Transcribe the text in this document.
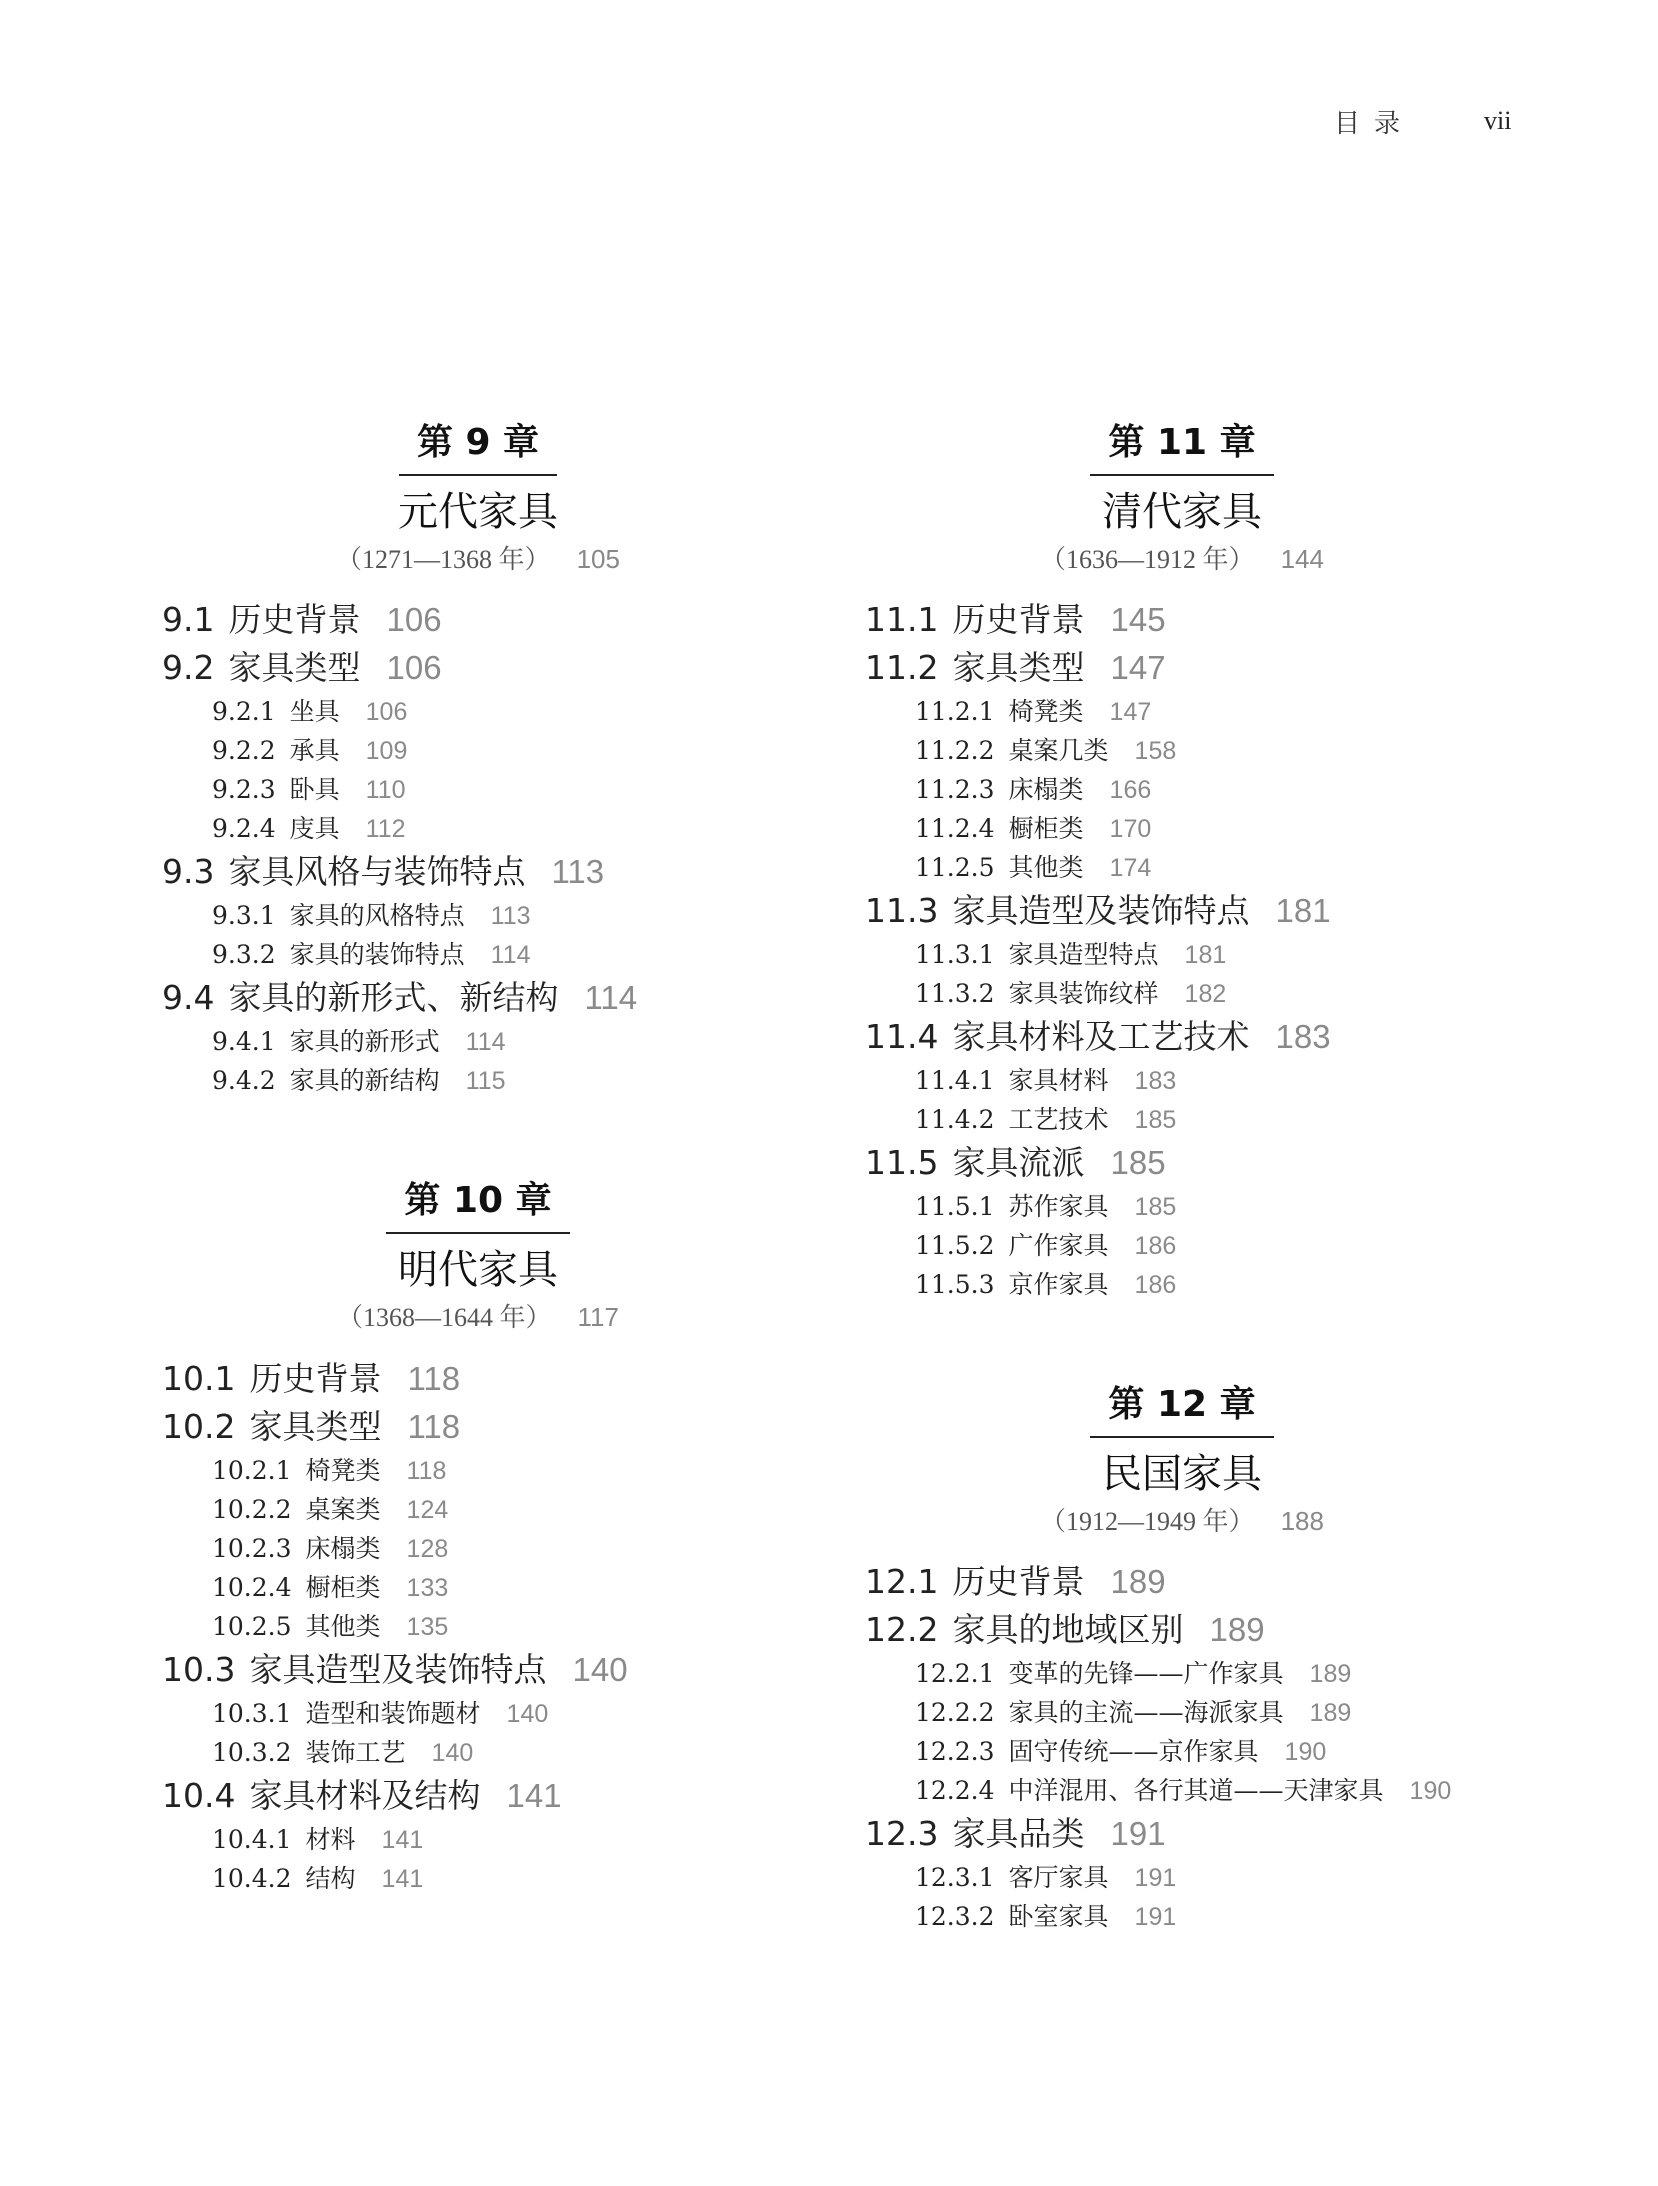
目录	vii
第 9 章
元代家具
（1271—1368 年） 105
9.1 历史背景 106
9.2 家具类型 106
9.2.1 坐具 106
9.2.2 承具 109
9.2.3 卧具 110
9.2.4 庋具 112
9.3 家具风格与装饰特点 113
9.3.1 家具的风格特点 113
9.3.2 家具的装饰特点 114
9.4 家具的新形式、新结构 114
9.4.1 家具的新形式 114
9.4.2 家具的新结构 115
第 10 章
明代家具
（1368—1644 年） 117
10.1 历史背景 118
10.2 家具类型 118
10.2.1 椅凳类 118
10.2.2 桌案类 124
10.2.3 床榻类 128
10.2.4 橱柜类 133
10.2.5 其他类 135
10.3 家具造型及装饰特点 140
10.3.1 造型和装饰题材 140
10.3.2 装饰工艺 140
10.4 家具材料及结构 141
10.4.1 材料 141
10.4.2 结构 141
第 11 章
清代家具
（1636—1912 年） 144
11.1 历史背景 145
11.2 家具类型 147
11.2.1 椅凳类 147
11.2.2 桌案几类 158
11.2.3 床榻类 166
11.2.4 橱柜类 170
11.2.5 其他类 174
11.3 家具造型及装饰特点 181
11.3.1 家具造型特点 181
11.3.2 家具装饰纹样 182
11.4 家具材料及工艺技术 183
11.4.1 家具材料 183
11.4.2 工艺技术 185
11.5 家具流派 185
11.5.1 苏作家具 185
11.5.2 广作家具 186
11.5.3 京作家具 186
第 12 章
民国家具
（1912—1949 年） 188
12.1 历史背景 189
12.2 家具的地域区别 189
12.2.1 变革的先锋——广作家具 189
12.2.2 家具的主流——海派家具 189
12.2.3 固守传统——京作家具 190
12.2.4 中洋混用、各行其道——天津家具 190
12.3 家具品类 191
12.3.1 客厅家具 191
12.3.2 卧室家具 191
